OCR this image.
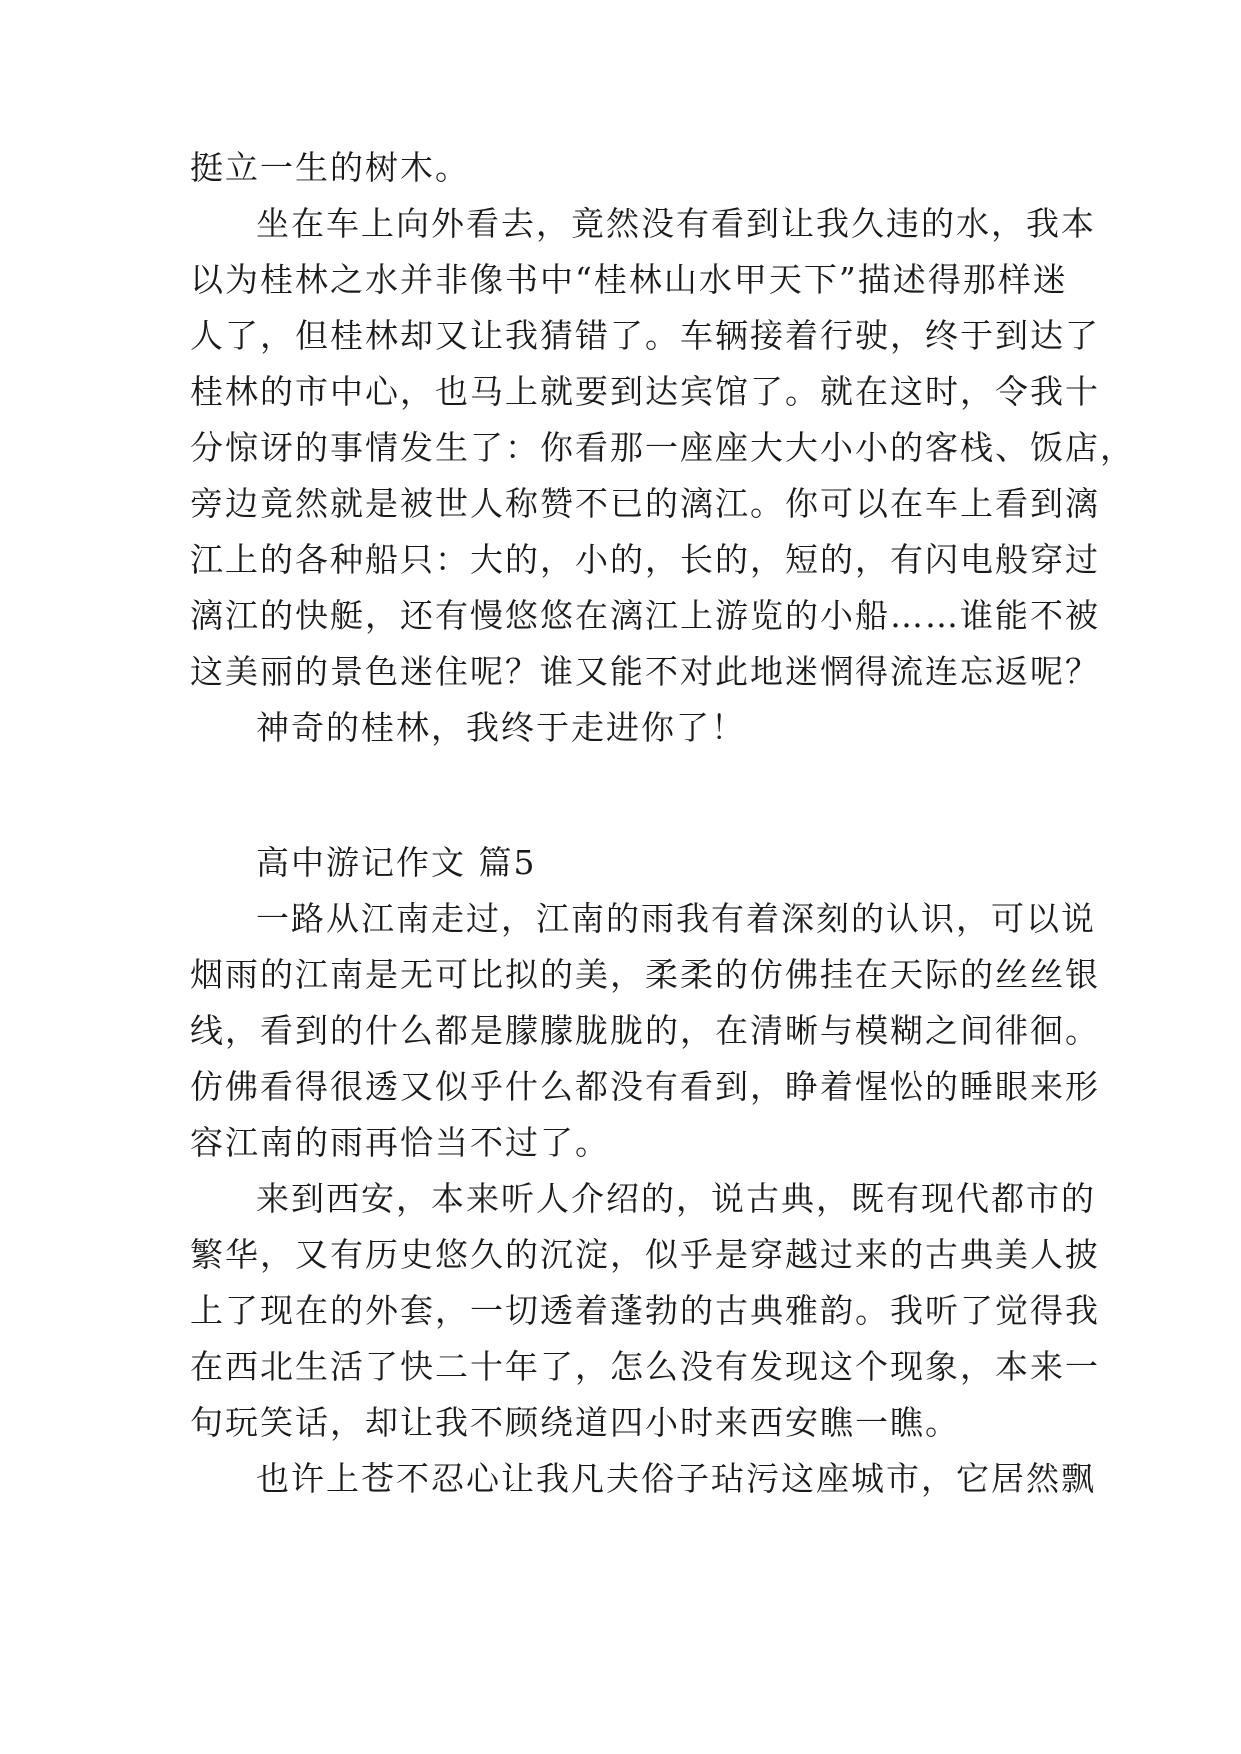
挺立一生的树木。
坐在车上向外看去，竟然没有看到让我久违的水，我本
以为桂林之水并非像书中“桂林山水甲天下”描述得那样迷
人了，但桂林却又让我猜错了。车辆接着行驶，终于到达了
桂林的市中心，也马上就要到达宾馆了。就在这时，令我十
分惊讶的事情发生了：你看那一座座大大小小的客栈、饭店，
旁边竟然就是被世人称赞不已的漓江。你可以在车上看到漓
江上的各种船只：大的，小的，长的，短的，有闪电般穿过
漓江的快艇，还有慢悠悠在漓江上游览的小船……谁能不被
这美丽的景色迷住呢？谁又能不对此地迷惘得流连忘返呢？
神奇的桂林，我终于走进你了！
高中游记作文 篇5
一路从江南走过，江南的雨我有着深刻的认识，可以说
烟雨的江南是无可比拟的美，柔柔的仿佛挂在天际的丝丝银
线，看到的什么都是朦朦胧胧的，在清晰与模糊之间徘徊。
仿佛看得很透又似乎什么都没有看到，睁着惺忪的睡眼来形
容江南的雨再恰当不过了。
来到西安，本来听人介绍的，说古典，既有现代都市的
繁华，又有历史悠久的沉淀，似乎是穿越过来的古典美人披
上了现在的外套，一切透着蓬勃的古典雅韵。我听了觉得我
在西北生活了快二十年了，怎么没有发现这个现象，本来一
句玩笑话，却让我不顾绕道四小时来西安瞧一瞧。
也许上苍不忍心让我凡夫俗子玷污这座城市，它居然飘
